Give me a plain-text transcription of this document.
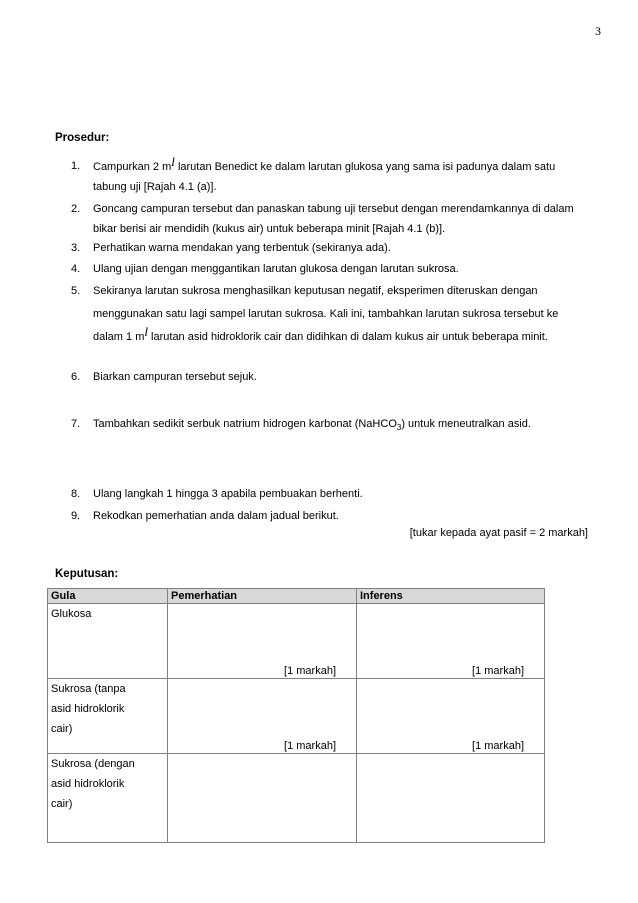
3
Prosedur:
1. Campurkan 2 ml larutan Benedict ke dalam larutan glukosa yang sama isi padunya dalam satu tabung uji [Rajah 4.1 (a)].
2. Goncang campuran tersebut dan panaskan tabung uji tersebut dengan merendamkannya di dalam bikar berisi air mendidih (kukus air) untuk beberapa minit [Rajah 4.1 (b)].
3. Perhatikan warna mendakan yang terbentuk (sekiranya ada).
4. Ulang ujian dengan menggantikan larutan glukosa dengan larutan sukrosa.
5. Sekiranya larutan sukrosa menghasilkan keputusan negatif, eksperimen diteruskan dengan menggunakan satu lagi sampel larutan sukrosa. Kali ini, tambahkan larutan sukrosa tersebut ke dalam 1 ml larutan asid hidroklorik cair dan didihkan di dalam kukus air untuk beberapa minit.
6. Biarkan campuran tersebut sejuk.
7. Tambahkan sedikit serbuk natrium hidrogen karbonat (NaHCO$_3$) untuk meneutralkan asid.
8. Ulang langkah 1 hingga 3 apabila pembuakan berhenti.
9. Rekodkan pemerhatian anda dalam jadual berikut.
[tukar kepada ayat pasif = 2 markah]
Keputusan:
Gula	Pemerhatian	Inferens

Glukosa	[1 markah]	[1 markah]

Sukrosa (tanpa
asid hidroklorik
cair)	[1 markah]	[1 markah]

Sukrosa (dengan
asid hidroklorik
cair)		
